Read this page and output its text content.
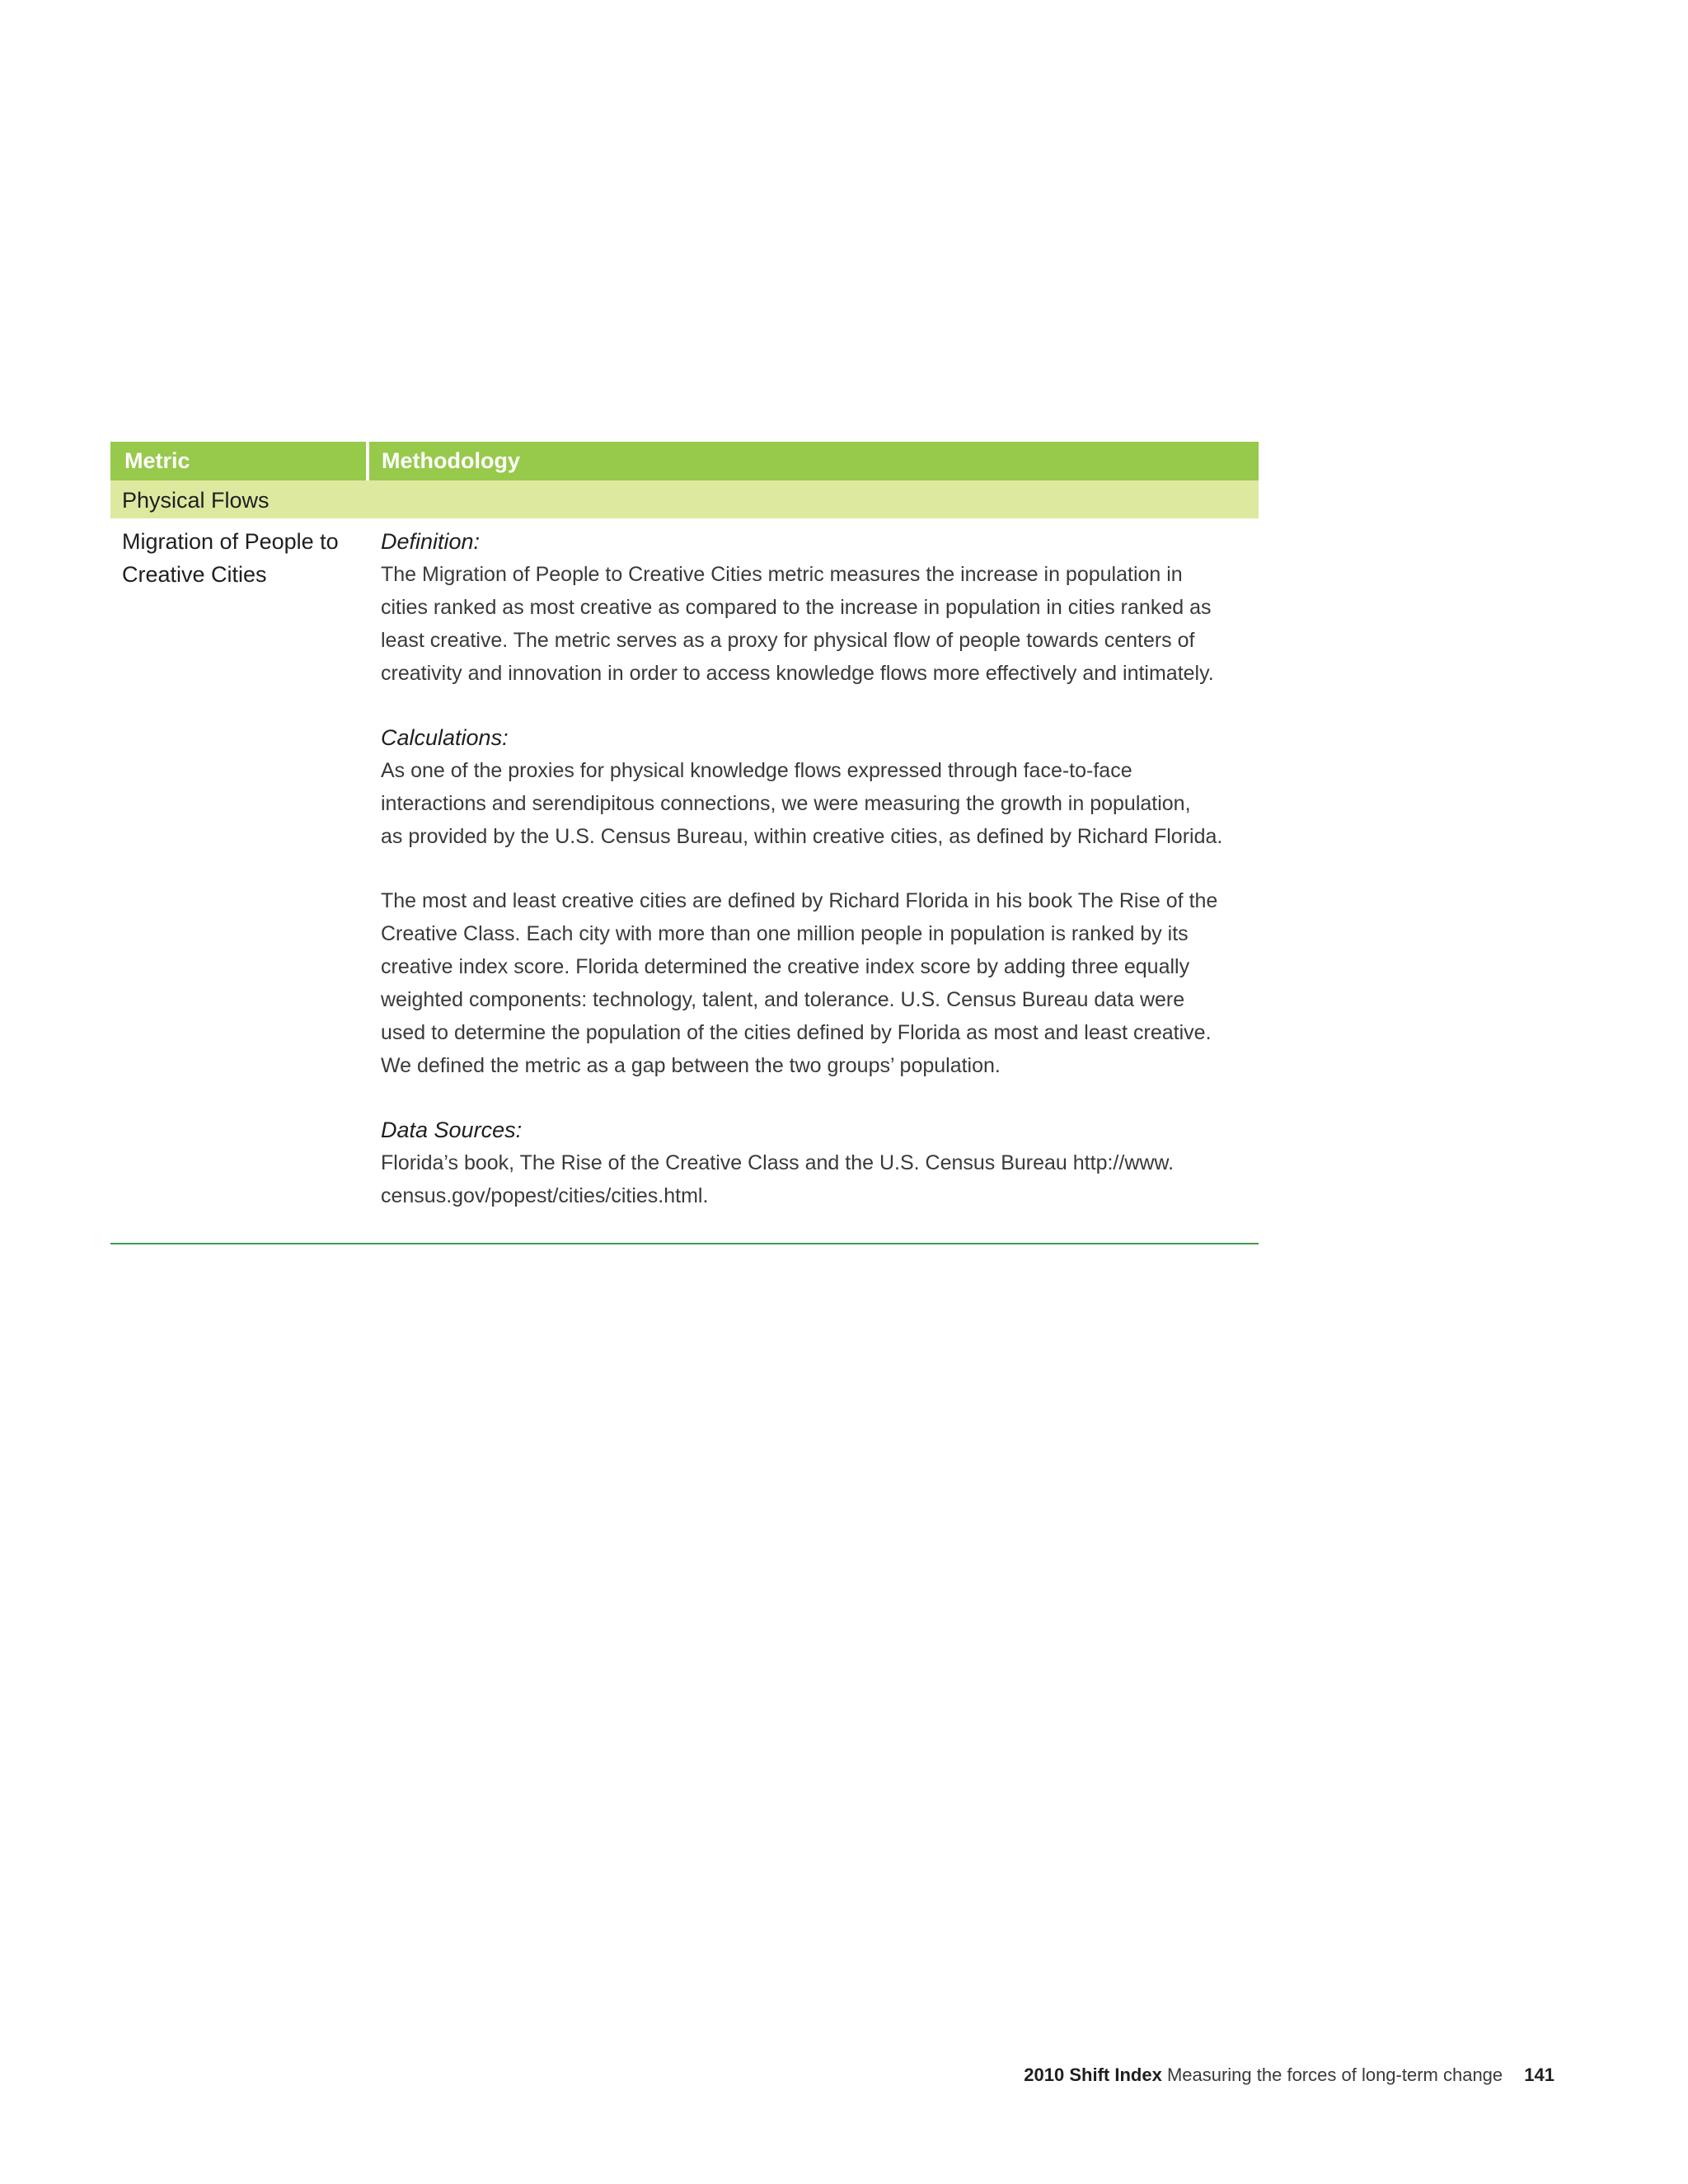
Metric	Methodology
Physical Flows
Migration of People to
Creative Cities
Definition:
The Migration of People to Creative Cities metric measures the increase in population in
cities ranked as most creative as compared to the increase in population in cities ranked as
least creative. The metric serves as a proxy for physical flow of people towards centers of
creativity and innovation in order to access knowledge flows more effectively and intimately.
Calculations:
As one of the proxies for physical knowledge flows expressed through face-to-face
interactions and serendipitous connections, we were measuring the growth in population,
as provided by the U.S. Census Bureau, within creative cities, as defined by Richard Florida.
The most and least creative cities are defined by Richard Florida in his book The Rise of the
Creative Class. Each city with more than one million people in population is ranked by its
creative index score. Florida determined the creative index score by adding three equally
weighted components: technology, talent, and tolerance. U.S. Census Bureau data were
used to determine the population of the cities defined by Florida as most and least creative.
We defined the metric as a gap between the two groups’ population.
Data Sources:
Florida’s book, The Rise of the Creative Class and the U.S. Census Bureau http://www.
census.gov/popest/cities/cities.html.
2010 Shift Index Measuring the forces of long-term change 141
